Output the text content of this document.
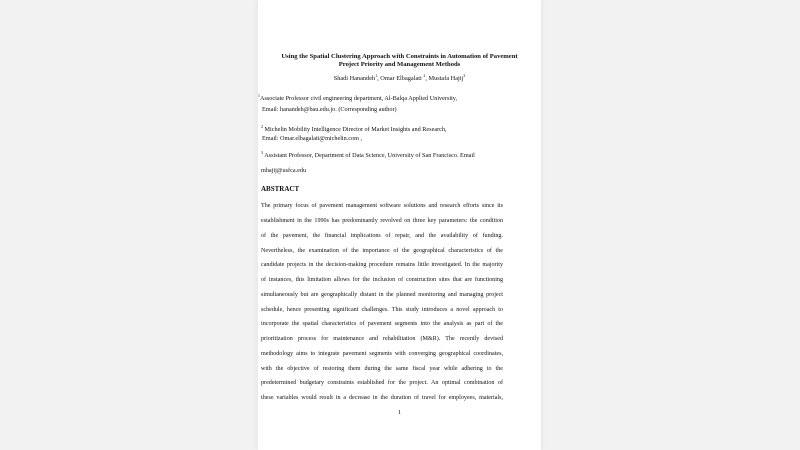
Using the Spatial Clustering Approach with Constraints in Automation of Pavement
Project Priority and Management Methods
Shadi Hanandeh$^1$, Omar Elbagalati $^2$, Mustafa Hajij$^3$
$^1$Associate Professor civil engineering department, Al-Balqa Applied University,
Email: hanandeh@bau.edu.jo. (Corresponding author)
$^2$ Michelin Mobility Intelligence Director of Market Insights and Research,
Email: Omar.elbagalati@michelin.com ,
$^3$ Assistant Professor, Department of Data Science, University of San Francisco. Email
mhajij@usfca.edu
ABSTRACT
The primary focus of pavement management software solutions and research efforts since its
establishment in the 1990s has predominantly revolved on three key parameters: the condition
of the pavement, the financial implications of repair, and the availability of funding.
Nevertheless, the examination of the importance of the geographical characteristics of the
candidate projects in the decision-making procedure remains little investigated. In the majority
of instances, this limitation allows for the inclusion of construction sites that are functioning
simultaneously but are geographically distant in the planned monitoring and managing project
schedule, hence presenting significant challenges. This study introduces a novel approach to
incorporate the spatial characteristics of pavement segments into the analysis as part of the
prioritization process for maintenance and rehabilitation (M&R). The recently devised
methodology aims to integrate pavement segments with converging geographical coordinates,
with the objective of restoring them during the same fiscal year while adhering to the
predetermined budgetary constraints established for the project. An optimal combination of
these variables would result in a decrease in the duration of travel for employees, materials,
1
